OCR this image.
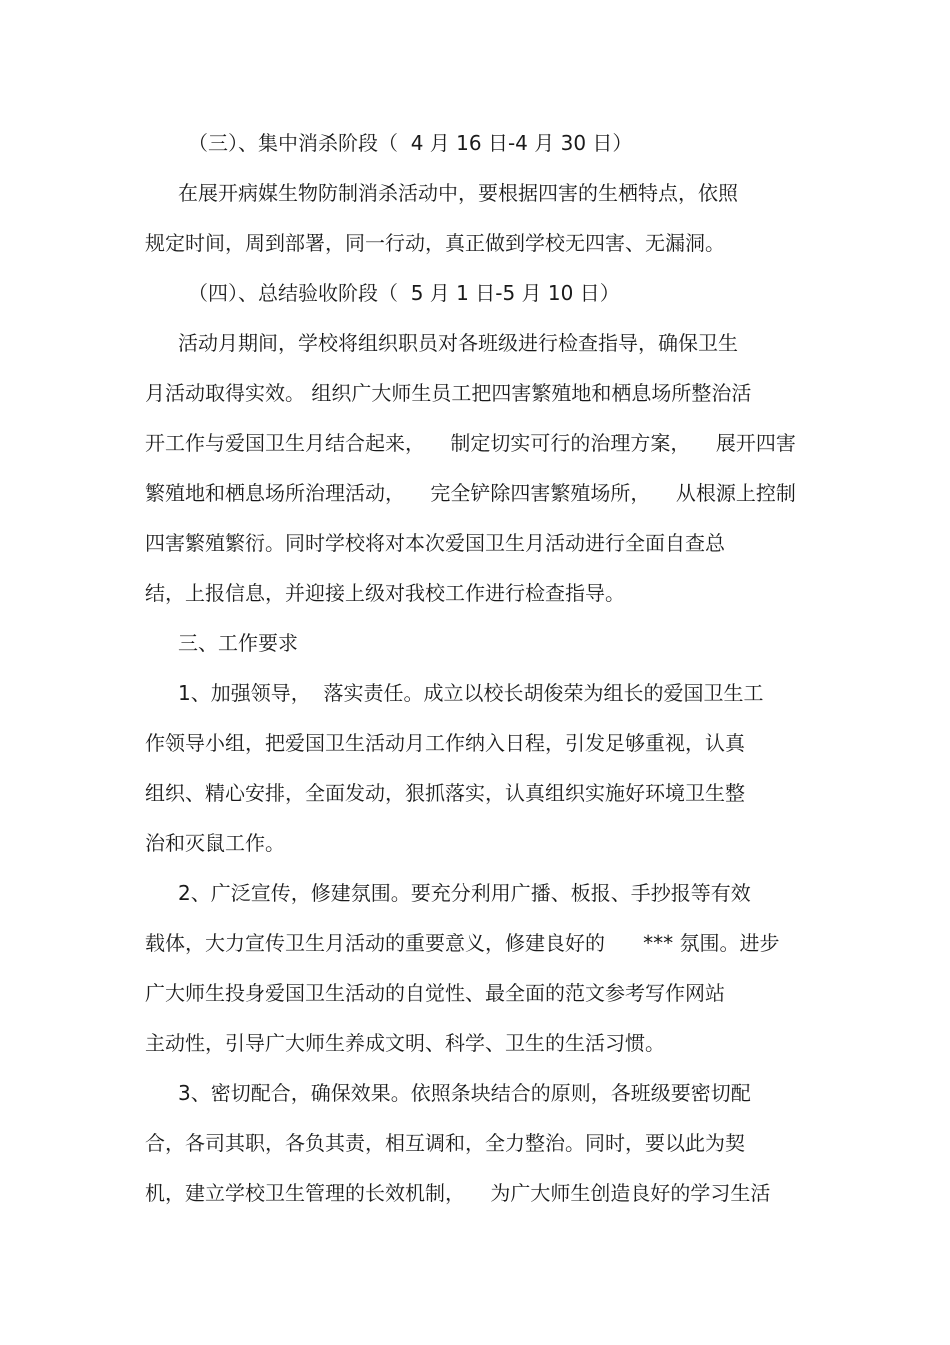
（三）、集中消杀阶段（  4 月 16 日-4 月 30 日）
在展开病媒生物防制消杀活动中，要根据四害的生栖特点，依照
规定时间，周到部署，同一行动，真正做到学校无四害、无漏洞。
（四）、总结验收阶段（  5 月 1 日-5 月 10 日）
活动月期间，学校将组织职员对各班级进行检查指导，确保卫生
月活动取得实效。 组织广大师生员工把四害繁殖地和栖息场所整治活
开工作与爱国卫生月结合起来，    制定切实可行的治理方案，    展开四害
繁殖地和栖息场所治理活动，    完全铲除四害繁殖场所，    从根源上控制
四害繁殖繁衍。同时学校将对本次爱国卫生月活动进行全面自查总
结，上报信息，并迎接上级对我校工作进行检查指导。
三、工作要求
1、加强领导，  落实责任。成立以校长胡俊荣为组长的爱国卫生工
作领导小组，把爱国卫生活动月工作纳入日程，引发足够重视，认真
组织、精心安排，全面发动，狠抓落实，认真组织实施好环境卫生整
治和灭鼠工作。
2、广泛宣传，修建氛围。要充分利用广播、板报、手抄报等有效
载体，大力宣传卫生月活动的重要意义，修建良好的      *** 氛围。进步
广大师生投身爱国卫生活动的自觉性、最全面的范文参考写作网站
主动性，引导广大师生养成文明、科学、卫生的生活习惯。
3、密切配合，确保效果。依照条块结合的原则，各班级要密切配
合，各司其职，各负其责，相互调和，全力整治。同时，要以此为契
机，建立学校卫生管理的长效机制，    为广大师生创造良好的学习生活
